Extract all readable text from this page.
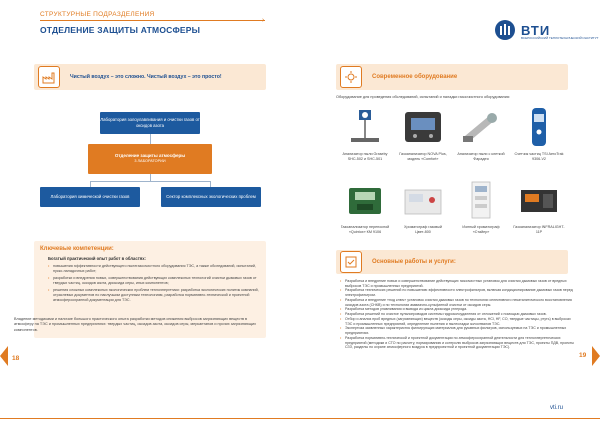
СТРУКТУРНЫЕ ПОДРАЗДЕЛЕНИЯ
›
ОТДЕЛЕНИЕ ЗАЩИТЫ АТМОСФЕРЫ	ВТИ
ВСЕРОССИЙСКИЙ ТЕПЛОТЕХНИЧЕСКИЙ ИНСТИТУТ
Чистый воздух – это сложно. Чистый воздух – это просто!
Лаборатория золоулавливания и очистки газов от оксидов азота
Отделение защиты атмосферы
3 ЛАБОРАТОРИИ
Лаборатория химической очистки газов	Сектор комплексных экологических проблем
Ключевые компетенции:
Богатый практический опыт работ в областях:
• повышения эффективности действующего пылегазоочистного оборудования ТЭС, а также обследований, испытаний, пуско-наладочных работ;
• разработки и внедрения новых, совершенствования действующих комплексных технологий очистки дымовых газов от твердых частиц, оксидов азота, диоксида серы, иных компонентов;
• решения сложных комплексных экологических проблем теплоэнергетики: разработка экологических политик компаний, отраслевых документов по наилучшим доступным технологиям, разработка нормативно-технической и проектной атмосфероохранной документации для ТЭС.
Владение методиками и наличие большого практического опыта разработки методов снижения выбросов загрязняющих веществ в атмосферу на ТЭС и промышленных предприятиях: твердых частиц, оксидов азота, оксидов серы, меркаптанов и прочих загрязняющих компонентов.
18
Современное оборудование
Оборудование для проведения обследований, испытаний и наладки газоочистного оборудования:
Анализатор пыли Graseby SHC-502 и SHC-501
Газоанализатор NOVA Plus, модель «Comfort»
Анализатор пыли с клеткой Фарадея
Счетчик частиц TSI AeroTrak 9306-V2
Газоанализатор переносной «Quintox» КМ 9106
Хроматограф газовый Цвет-800
Ионный хроматограф «Стайер»
Газоанализатор INFRALIGHT-11P
Основные работы и услуги:
• Разработка и внедрение новых и совершенствование действующих газоочистных установок для очистки дымовых газов от вредных выбросов ТЭС и промышленных предприятий.
• Разработка технических решений по повышению эффективности электрофильтров, включая кондиционирование дымовых газов перед электрофильтром.
• Разработка и внедрение «под ключ» установок очистки дымовых газов по технологии селективного некаталитического восстановления оксидов азота (СНКВ) и по технологии аммиачно-сульфатной очистки от оксидов серы.
• Разработка методов улавливания и вывода из цикла диоксида углерода.
• Разработка решений по очистке пульпопроводов системы гидрозолоудаления от отложений с помощью дымовых газов.
• Отбор и анализ проб вредных (загрязняющих) веществ (оксиды серы, оксиды азота, HCl, HF, CO, твердые частицы, ртуть) в выбросах ТЭС и промышленных предприятий, определение пыления и пылесладки золоотвалов ТЭС.
• Экспертиза заявленных характеристик фильтрующих материалов для рукавных фильтров, используемых на ТЭС и промышленных предприятиях.
• Разработка нормативно-технической и проектной документации по атмосфероохранной деятельности для теплоэнергетических предприятий (методики и СТО по расчету, нормированию и контролю выбросов загрязняющих веществ для ТЭС, проекты ПДВ, проекты СЗЗ, разделы по охране атмосферного воздуха в предпроектной и проектной документации ТЭС).
19
vti.ru
